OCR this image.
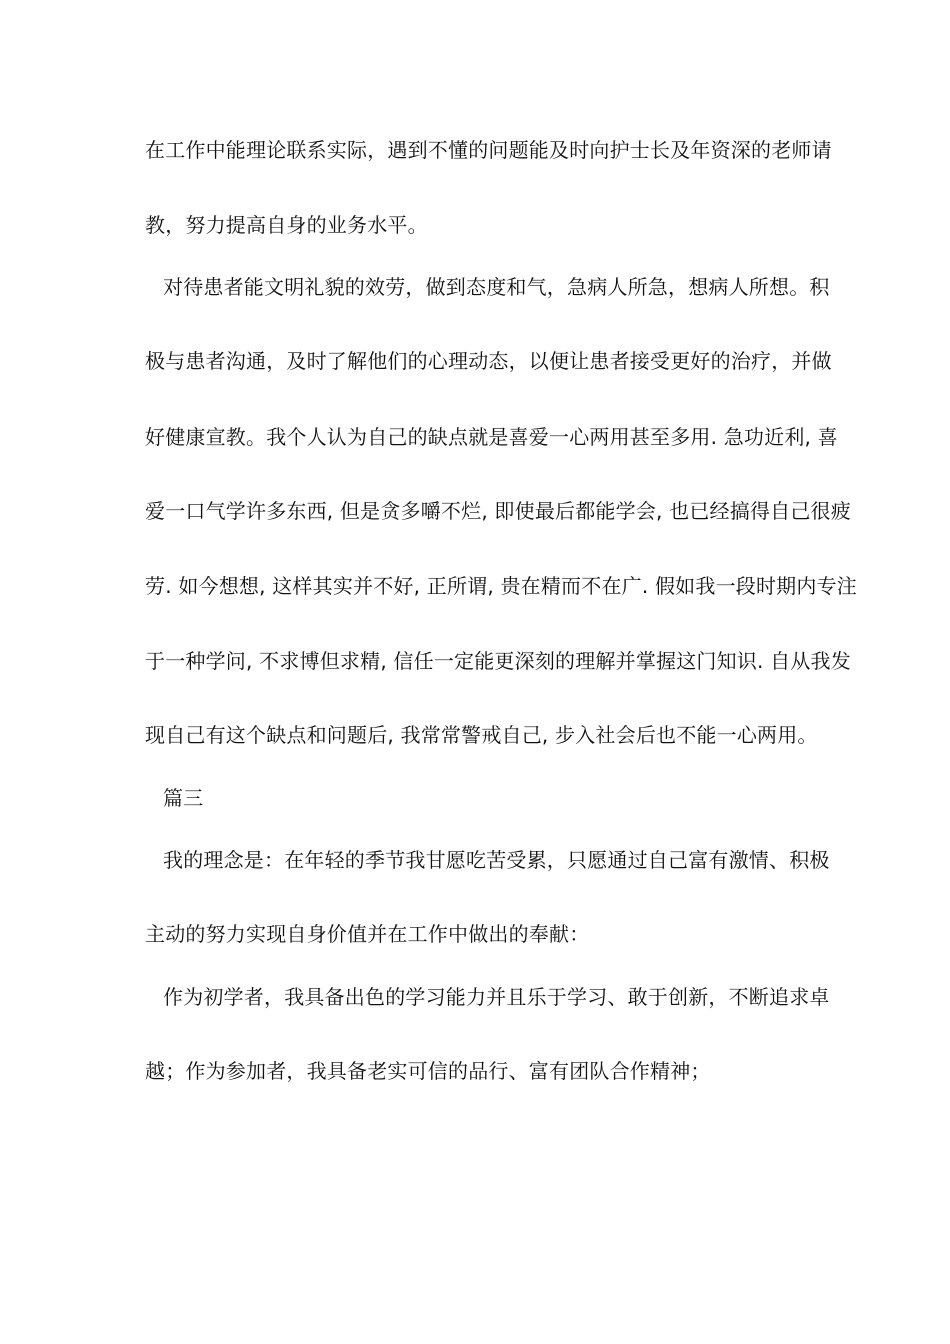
在工作中能理论联系实际，遇到不懂的问题能及时向护士长及年资深的老师请
教，努力提高自身的业务水平。
对待患者能文明礼貌的效劳，做到态度和气，急病人所急，想病人所想。积
极与患者沟通，及时了解他们的心理动态，以便让患者接受更好的治疗，并做
好健康宣教。我个人认为自己的缺点就是喜爱一心两用甚至多用. 急功近利, 喜
爱一口气学许多东西, 但是贪多嚼不烂, 即使最后都能学会, 也已经搞得自己很疲
劳. 如今想想, 这样其实并不好, 正所谓, 贵在精而不在广. 假如我一段时期内专注
于一种学问, 不求博但求精, 信任一定能更深刻的理解并掌握这门知识. 自从我发
现自己有这个缺点和问题后, 我常常警戒自己, 步入社会后也不能一心两用。
篇三
我的理念是：在年轻的季节我甘愿吃苦受累，只愿通过自己富有激情、积极
主动的努力实现自身价值并在工作中做出的奉献：
作为初学者，我具备出色的学习能力并且乐于学习、敢于创新，不断追求卓
越；作为参加者，我具备老实可信的品行、富有团队合作精神；
